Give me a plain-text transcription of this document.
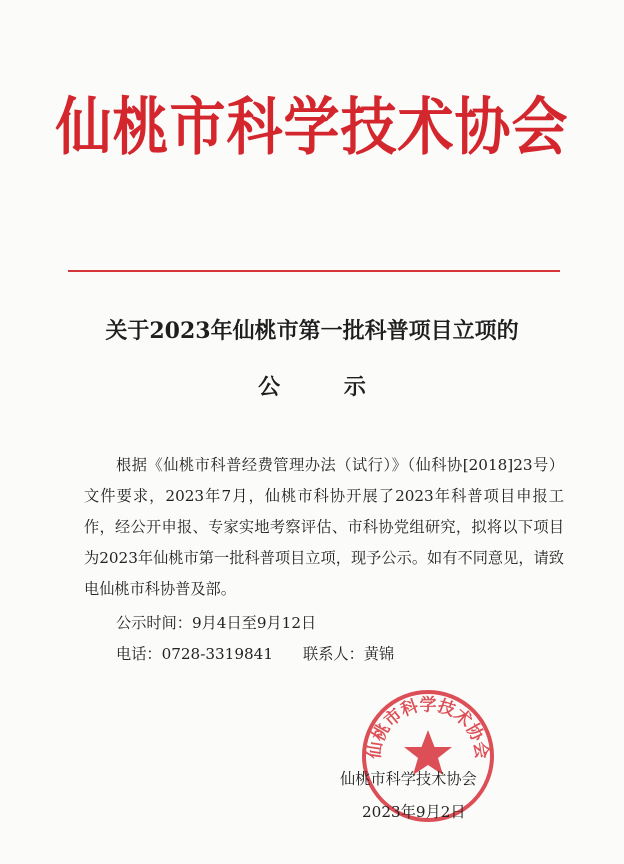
仙桃市科学技术协会
关于2023年仙桃市第一批科普项目立项的
公 示
根据《仙桃市科普经费管理办法（试行）》（仙科协[2018]23号）文件要求，2023年7月，仙桃市科协开展了2023年科普项目申报工作，经公开申报、专家实地考察评估、市科协党组研究，拟将以下项目为2023年仙桃市第一批科普项目立项，现予公示。如有不同意见，请致电仙桃市科协普及部。
公示时间：9月4日至9月12日
电话：0728-3319841 联系人：黄锦
仙桃市科学技术协会
仙桃市科学技术协会
2023年9月2日
